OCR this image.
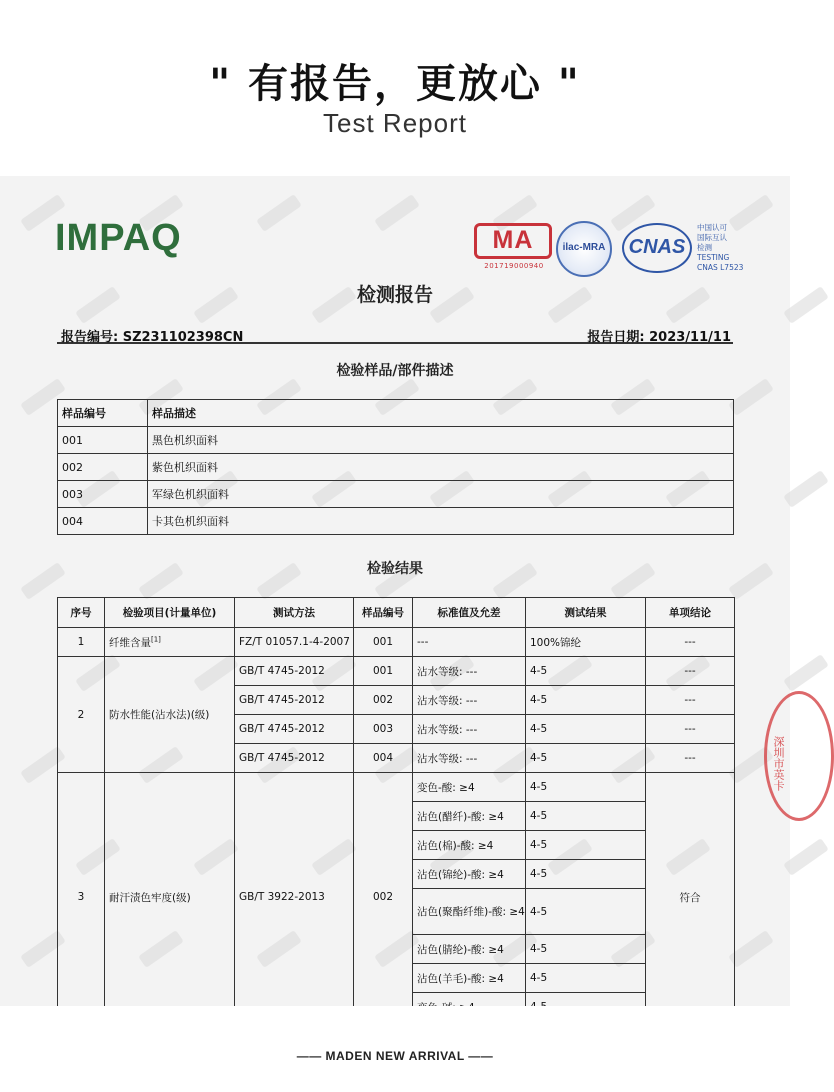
" 有报告，更放心 "
Test Report
IMPAQ	MA
201719000940
ilac-MRA	CNAS
中国认可
国际互认
检测
TESTING
CNAS L7523
检测报告
报告编号: SZ231102398CN	报告日期: 2023/11/11
检验样品/部件描述
样品编号	样品描述
001	黑色机织面料
002	紫色机织面料
003	军绿色机织面料
004	卡其色机织面料
检验结果
序号	检验项目(计量单位)	测试方法	样品编号	标准值及允差	测试结果	单项结论
1	纤维含量[1]	FZ/T 01057.1-4-2007	001	---	100%锦纶	---
2	防水性能(沾水法)(级)	GB/T 4745-2012	001	沾水等级: ---	4-5	---
		GB/T 4745-2012	002	沾水等级: ---	4-5	---
		GB/T 4745-2012	003	沾水等级: ---	4-5	---
		GB/T 4745-2012	004	沾水等级: ---	4-5	---
3	耐汗渍色牢度(级)	GB/T 3922-2013	002	变色-酸: ≥4	4-5	符合
				沾色(醋纤)-酸: ≥4	4-5	
				沾色(棉)-酸: ≥4	4-5	
				沾色(锦纶)-酸: ≥4	4-5	
				沾色(聚酯纤维)-酸: ≥4	4-5	
				沾色(腈纶)-酸: ≥4	4-5	
				沾色(羊毛)-酸: ≥4	4-5	

深圳市英卡
—— MADEN NEW ARRIVAL ——
